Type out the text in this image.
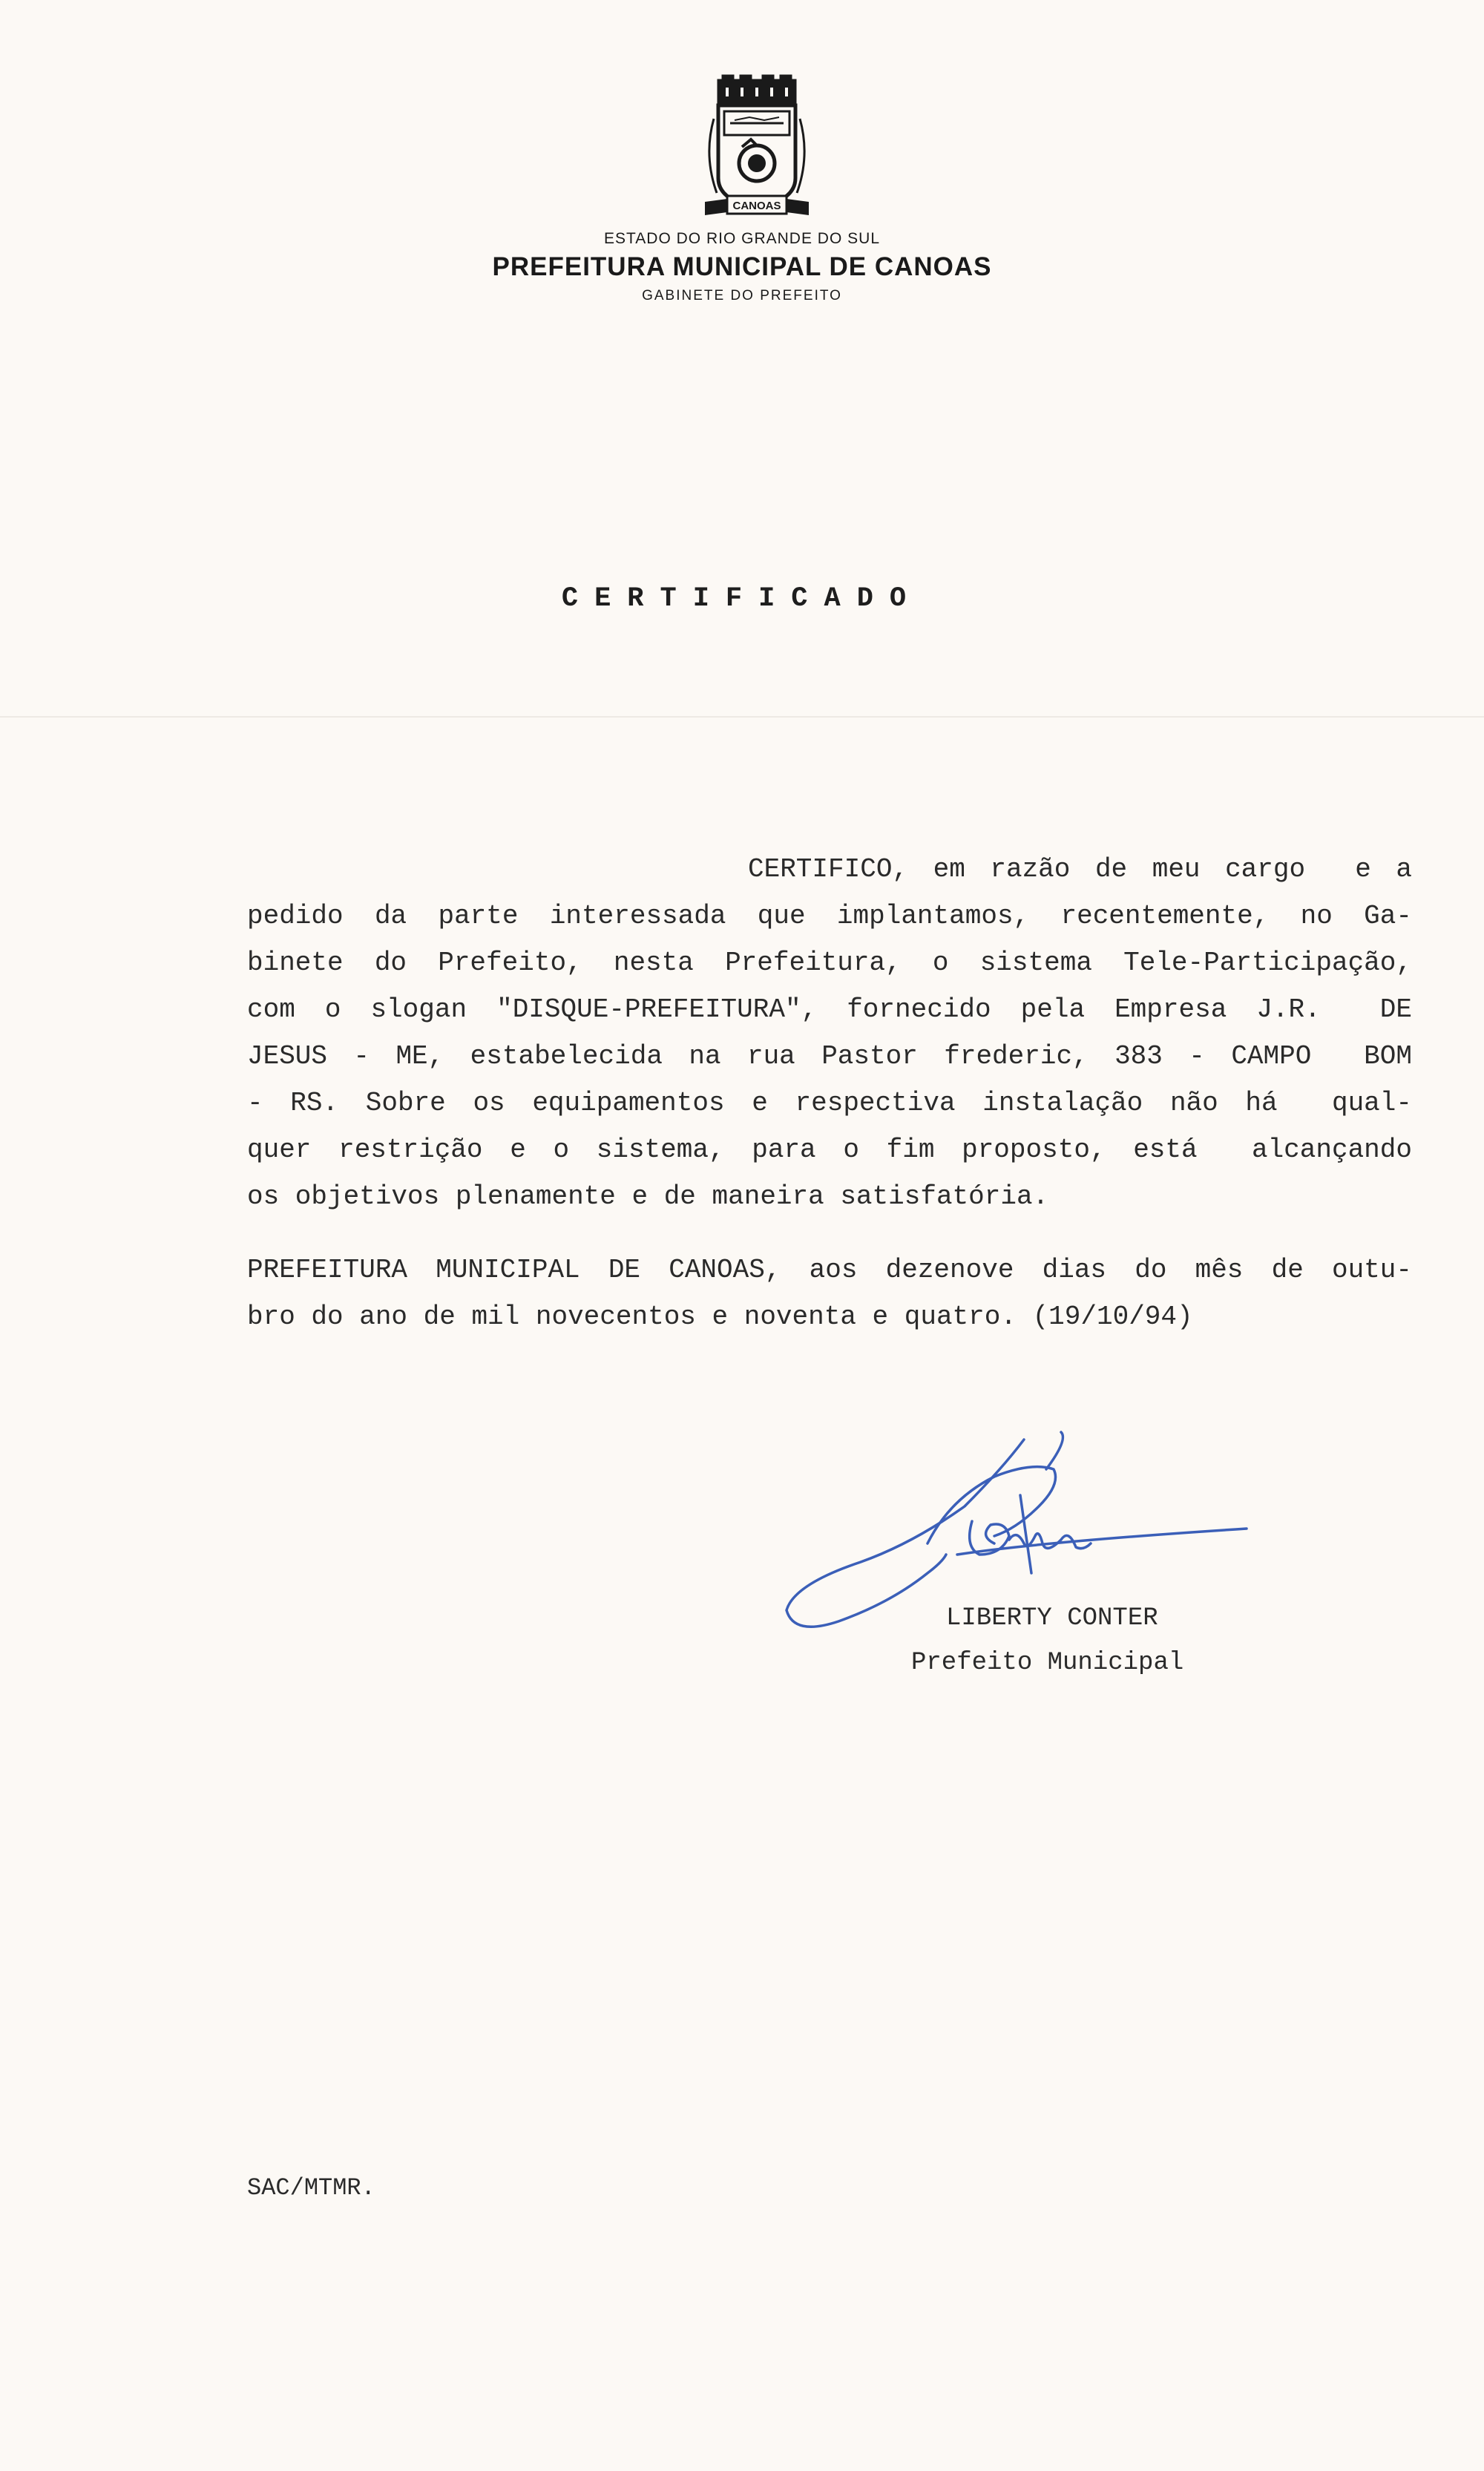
CANOAS
ESTADO DO RIO GRANDE DO SUL
PREFEITURA MUNICIPAL DE CANOAS
GABINETE DO PREFEITO
CERTIFICADO
CERTIFICO, em razão de meu cargo  e a
pedido da parte interessada que implantamos, recentemente, no Ga-
binete do Prefeito, nesta Prefeitura, o sistema Tele-Participação,
com o slogan "DISQUE-PREFEITURA", fornecido pela Empresa J.R.  DE
JESUS - ME, estabelecida na rua Pastor frederic, 383 - CAMPO  BOM
- RS. Sobre os equipamentos e respectiva instalação não há  qual-
quer restrição e o sistema, para o fim proposto, está  alcançando
os objetivos plenamente e de maneira satisfatória.
PREFEITURA MUNICIPAL DE CANOAS, aos dezenove dias do mês de outu-
bro do ano de mil novecentos e noventa e quatro. (19/10/94)
Conter
LIBERTY CONTER
Prefeito Municipal
SAC/MTMR.
